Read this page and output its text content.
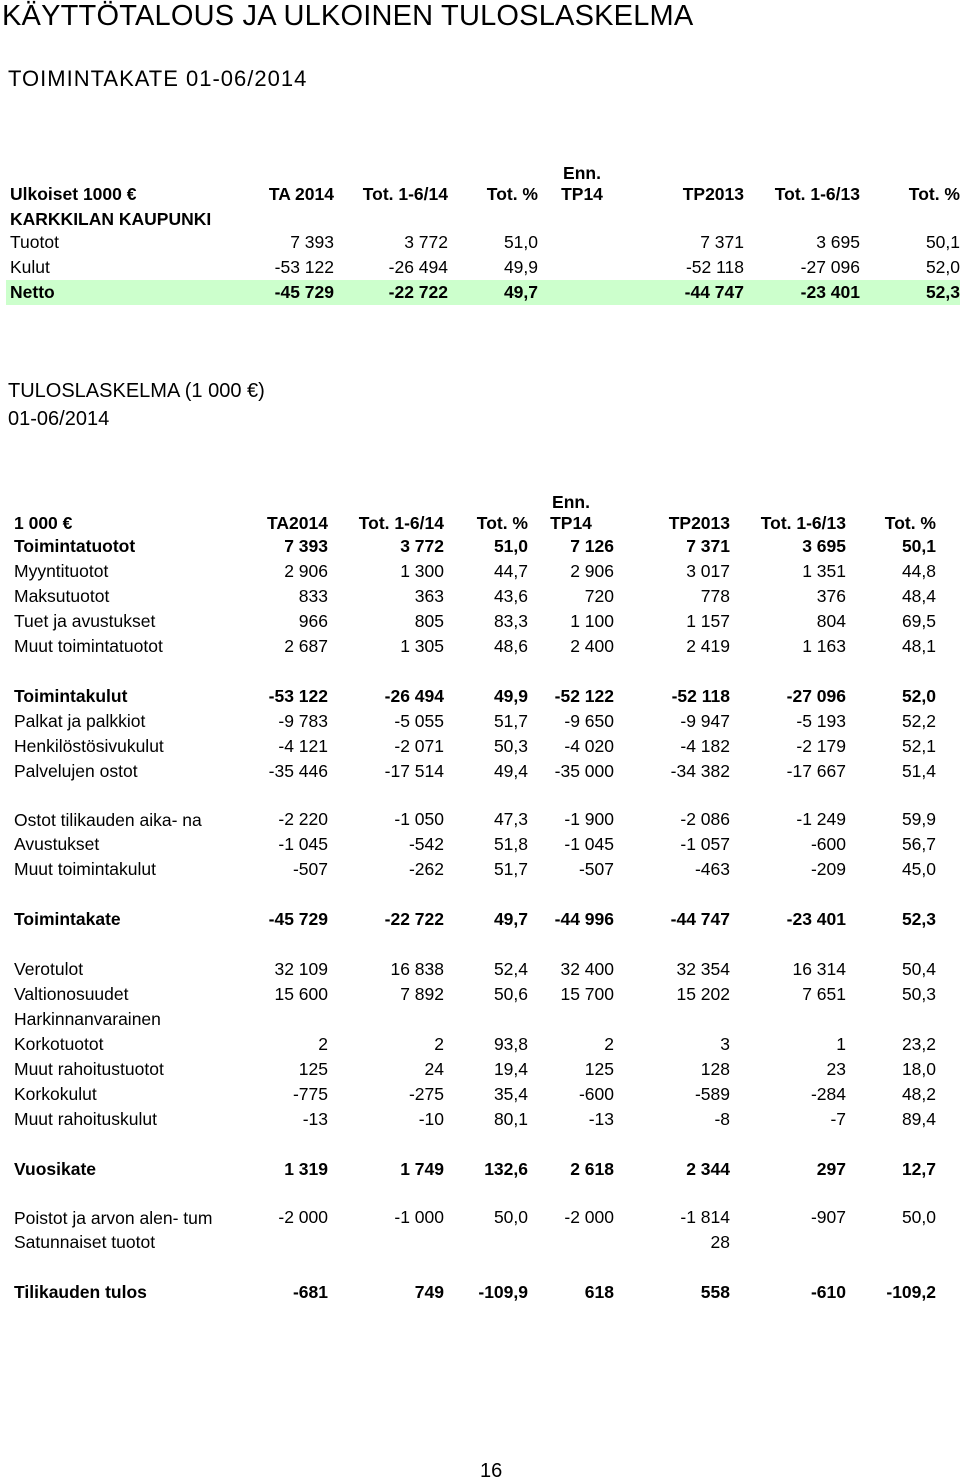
KÄYTTÖTALOUS JA ULKOINEN TULOSLASKELMA
TOIMINTAKATE 01-06/2014
Ulkoiset 1000 €	TA 2014	Tot. 1-6/14	Tot. %	Enn.
TP14	TP2013	Tot. 1-6/13	Tot. %
KARKKILAN KAUPUNKI							
Tuotot	7 393	3 772	51,0		7 371	3 695	50,1
Kulut	-53 122	-26 494	49,9		-52 118	-27 096	52,0
Netto	-45 729	-22 722	49,7		-44 747	-23 401	52,3
TULOSLASKELMA (1 000 €)
01-06/2014
1 000 €	TA2014	Tot. 1-6/14	Tot. %	Enn.
TP14	TP2013	Tot. 1-6/13	Tot. %
Toimintatuotot	7 393	3 772	51,0	7 126	7 371	3 695	50,1
Myyntituotot	2 906	1 300	44,7	2 906	3 017	1 351	44,8
Maksutuotot	833	363	43,6	720	778	376	48,4
Tuet ja avustukset	966	805	83,3	1 100	1 157	804	69,5
Muut toimintatuotot	2 687	1 305	48,6	2 400	2 419	1 163	48,1

Toimintakulut	-53 122	-26 494	49,9	-52 122	-52 118	-27 096	52,0
Palkat ja palkkiot	-9 783	-5 055	51,7	-9 650	-9 947	-5 193	52,2
Henkilöstösivukulut	-4 121	-2 071	50,3	-4 020	-4 182	-2 179	52,1
Palvelujen ostot	-35 446	-17 514	49,4	-35 000	-34 382	-17 667	51,4
Ostot tilikauden aika- na	-2 220	-1 050	47,3	-1 900	-2 086	-1 249	59,9
Avustukset	-1 045	-542	51,8	-1 045	-1 057	-600	56,7
Muut toimintakulut	-507	-262	51,7	-507	-463	-209	45,0

Toimintakate	-45 729	-22 722	49,7	-44 996	-44 747	-23 401	52,3

Verotulot	32 109	16 838	52,4	32 400	32 354	16 314	50,4
Valtionosuudet	15 600	7 892	50,6	15 700	15 202	7 651	50,3
Harkinnanvarainen							
Korkotuotot	2	2	93,8	2	3	1	23,2
Muut rahoitustuotot	125	24	19,4	125	128	23	18,0
Korkokulut	-775	-275	35,4	-600	-589	-284	48,2
Muut rahoituskulut	-13	-10	80,1	-13	-8	-7	89,4

Vuosikate	1 319	1 749	132,6	2 618	2 344	297	12,7
Poistot ja arvon alen- tum	-2 000	-1 000	50,0	-2 000	-1 814	-907	50,0
Satunnaiset tuotot					28		

Tilikauden tulos	-681	749	-109,9	618	558	-610	-109,2
16
